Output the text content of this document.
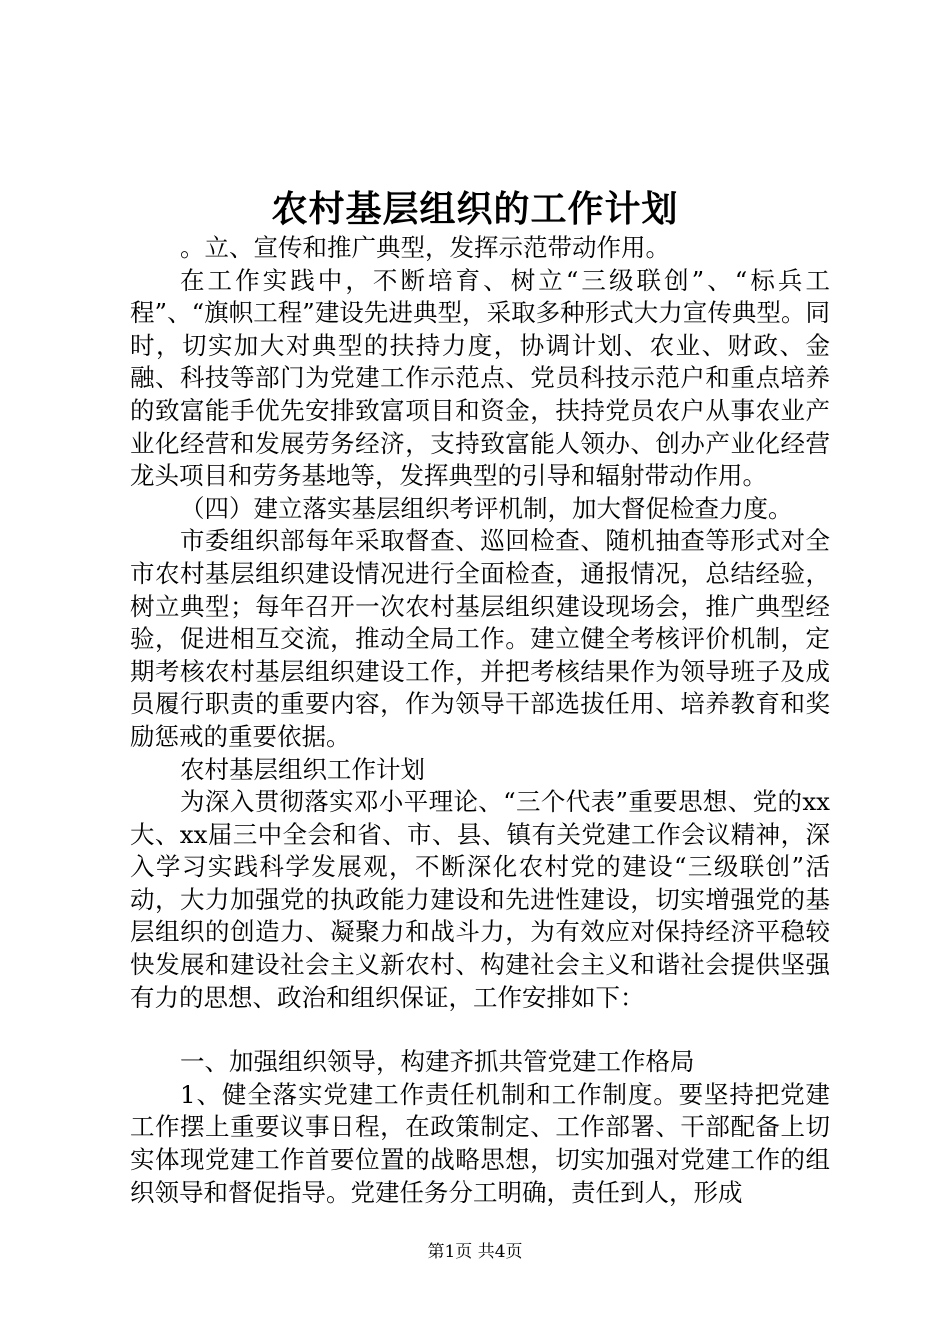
农村基层组织的工作计划

。立、宣传和推广典型，发挥示范带动作用。

在工作实践中，不断培育、树立“三级联创”、“标兵工程”、“旗帜工程”建设先进典型，采取多种形式大力宣传典型。同时，切实加大对典型的扶持力度，协调计划、农业、财政、金融、科技等部门为党建工作示范点、党员科技示范户和重点培养的致富能手优先安排致富项目和资金，扶持党员农户从事农业产业化经营和发展劳务经济，支持致富能人领办、创办产业化经营龙头项目和劳务基地等，发挥典型的引导和辐射带动作用。

（四）建立落实基层组织考评机制，加大督促检查力度。

市委组织部每年采取督查、巡回检查、随机抽查等形式对全市农村基层组织建设情况进行全面检查，通报情况，总结经验，树立典型；每年召开一次农村基层组织建设现场会，推广典型经验，促进相互交流，推动全局工作。建立健全考核评价机制，定期考核农村基层组织建设工作，并把考核结果作为领导班子及成员履行职责的重要内容，作为领导干部选拔任用、培养教育和奖励惩戒的重要依据。

农村基层组织工作计划

为深入贯彻落实邓小平理论、“三个代表”重要思想、党的xx大、xx届三中全会和省、市、县、镇有关党建工作会议精神，深入学习实践科学发展观，不断深化农村党的建设“三级联创”活动，大力加强党的执政能力建设和先进性建设，切实增强党的基层组织的创造力、凝聚力和战斗力，为有效应对保持经济平稳较快发展和建设社会主义新农村、构建社会主义和谐社会提供坚强有力的思想、政治和组织保证，工作安排如下：

一、加强组织领导，构建齐抓共管党建工作格局

1、健全落实党建工作责任机制和工作制度。要坚持把党建工作摆上重要议事日程，在政策制定、工作部署、干部配备上切实体现党建工作首要位置的战略思想，切实加强对党建工作的组织领导和督促指导。党建任务分工明确，责任到人，形成

第1页 共4页
